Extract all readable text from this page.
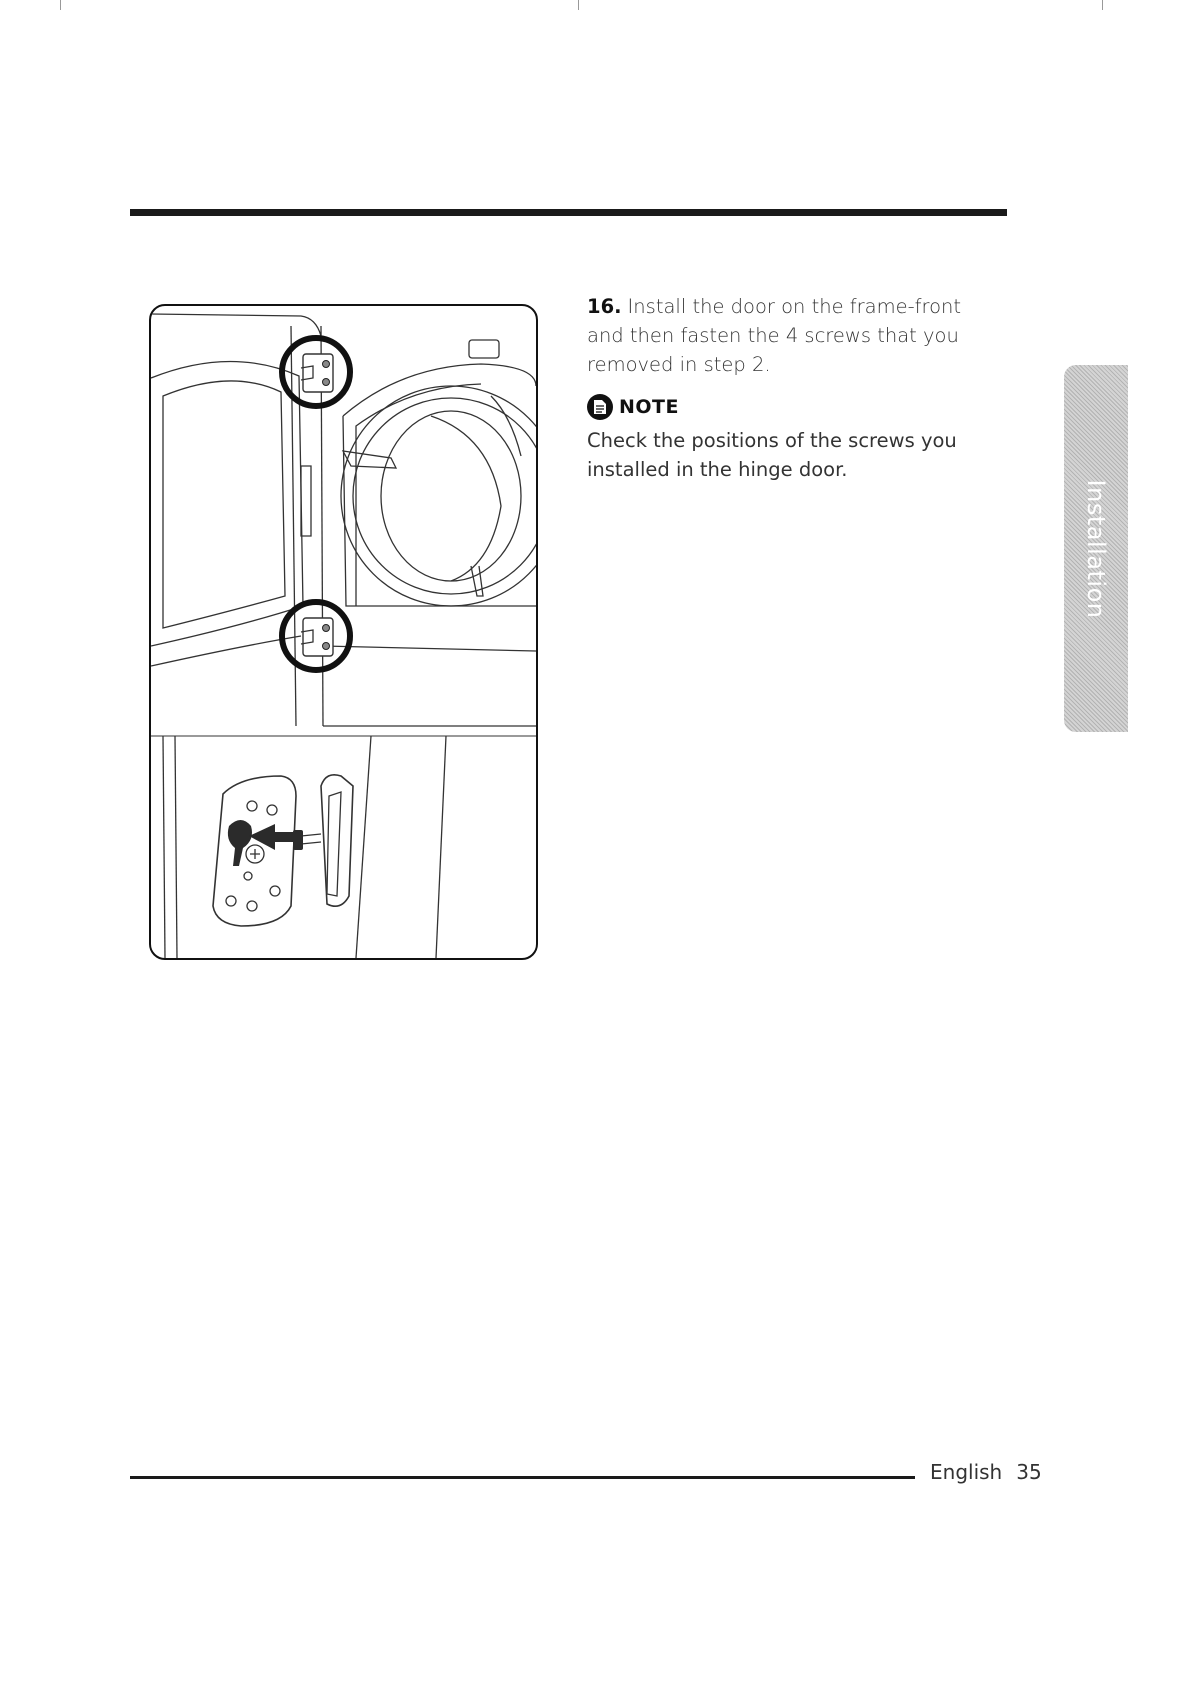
16. Install the door on the frame-front and then fasten the 4 screws that you removed in step 2.
NOTE
Check the positions of the screws you installed in the hinge door.
Installation
English 35
